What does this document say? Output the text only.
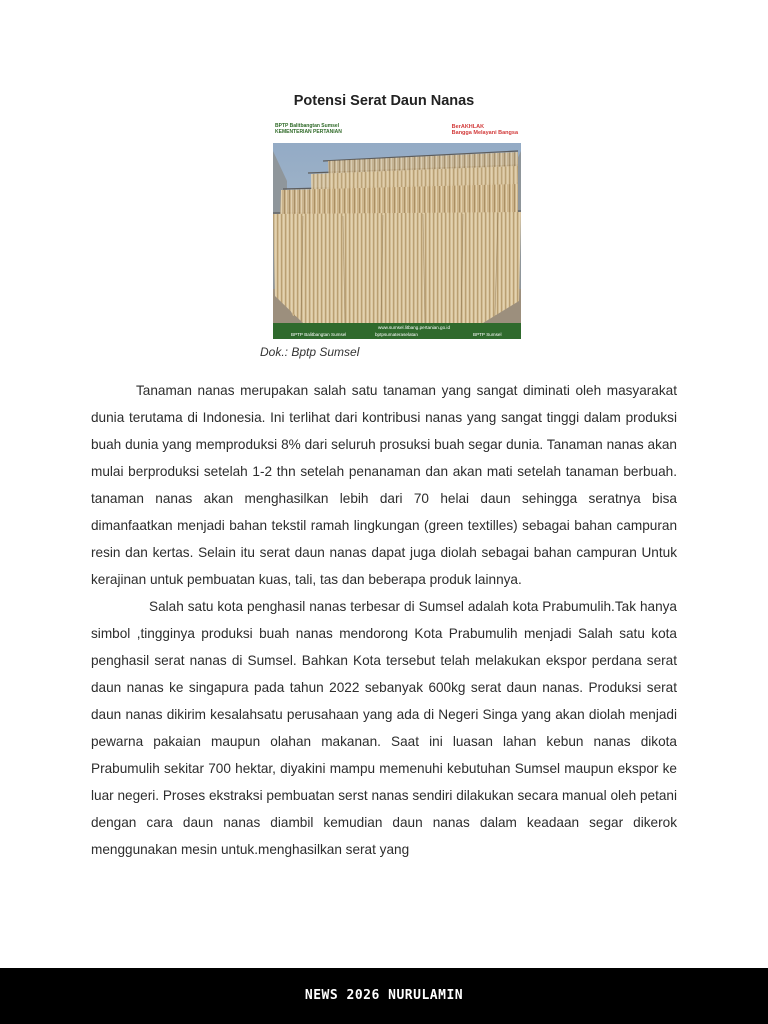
Potensi Serat Daun Nanas
BPTP Balitbangtan Sumsel
KEMENTERIAN PERTANIAN
BerAKHLAK
Bangga Melayani Bangsa
www.sumsel.litbang.pertanian.go.id
BPTP Balitbangtan Sumsel	bptpsumateraselatan	BPTP Sumsel
Dok.: Bptp Sumsel

Tanaman nanas merupakan salah satu tanaman yang sangat diminati oleh masyarakat dunia terutama di Indonesia. Ini terlihat dari kontribusi nanas yang sangat tinggi dalam produksi buah dunia yang memproduksi 8% dari seluruh prosuksi buah segar dunia. Tanaman nanas akan mulai berproduksi setelah 1-2 thn setelah penanaman dan akan mati setelah tanaman berbuah. tanaman nanas akan menghasilkan lebih dari 70 helai daun sehingga seratnya bisa dimanfaatkan menjadi bahan tekstil ramah lingkungan (green textilles) sebagai bahan campuran resin dan kertas. Selain itu serat daun nanas dapat juga diolah sebagai bahan campuran Untuk kerajinan untuk pembuatan kuas, tali, tas dan beberapa produk lainnya.

Salah satu kota penghasil nanas terbesar di Sumsel adalah kota Prabumulih.Tak hanya simbol ,tingginya produksi buah nanas mendorong Kota Prabumulih menjadi Salah satu kota penghasil serat nanas di Sumsel. Bahkan Kota tersebut telah melakukan ekspor perdana serat daun nanas ke singapura pada tahun 2022 sebanyak 600kg serat daun nanas. Produksi serat daun nanas dikirim kesalahsatu perusahaan yang ada di Negeri Singa yang akan diolah menjadi pewarna pakaian maupun olahan makanan. Saat ini luasan lahan kebun nanas dikota Prabumulih sekitar 700 hektar, diyakini mampu memenuhi kebutuhan Sumsel maupun ekspor ke luar negeri. Proses ekstraksi pembuatan serst nanas sendiri dilakukan secara manual oleh petani dengan cara daun nanas diambil kemudian daun nanas dalam keadaan segar dikerok menggunakan mesin untuk.menghasilkan serat yang

NEWS 2026 NURULAMIN
